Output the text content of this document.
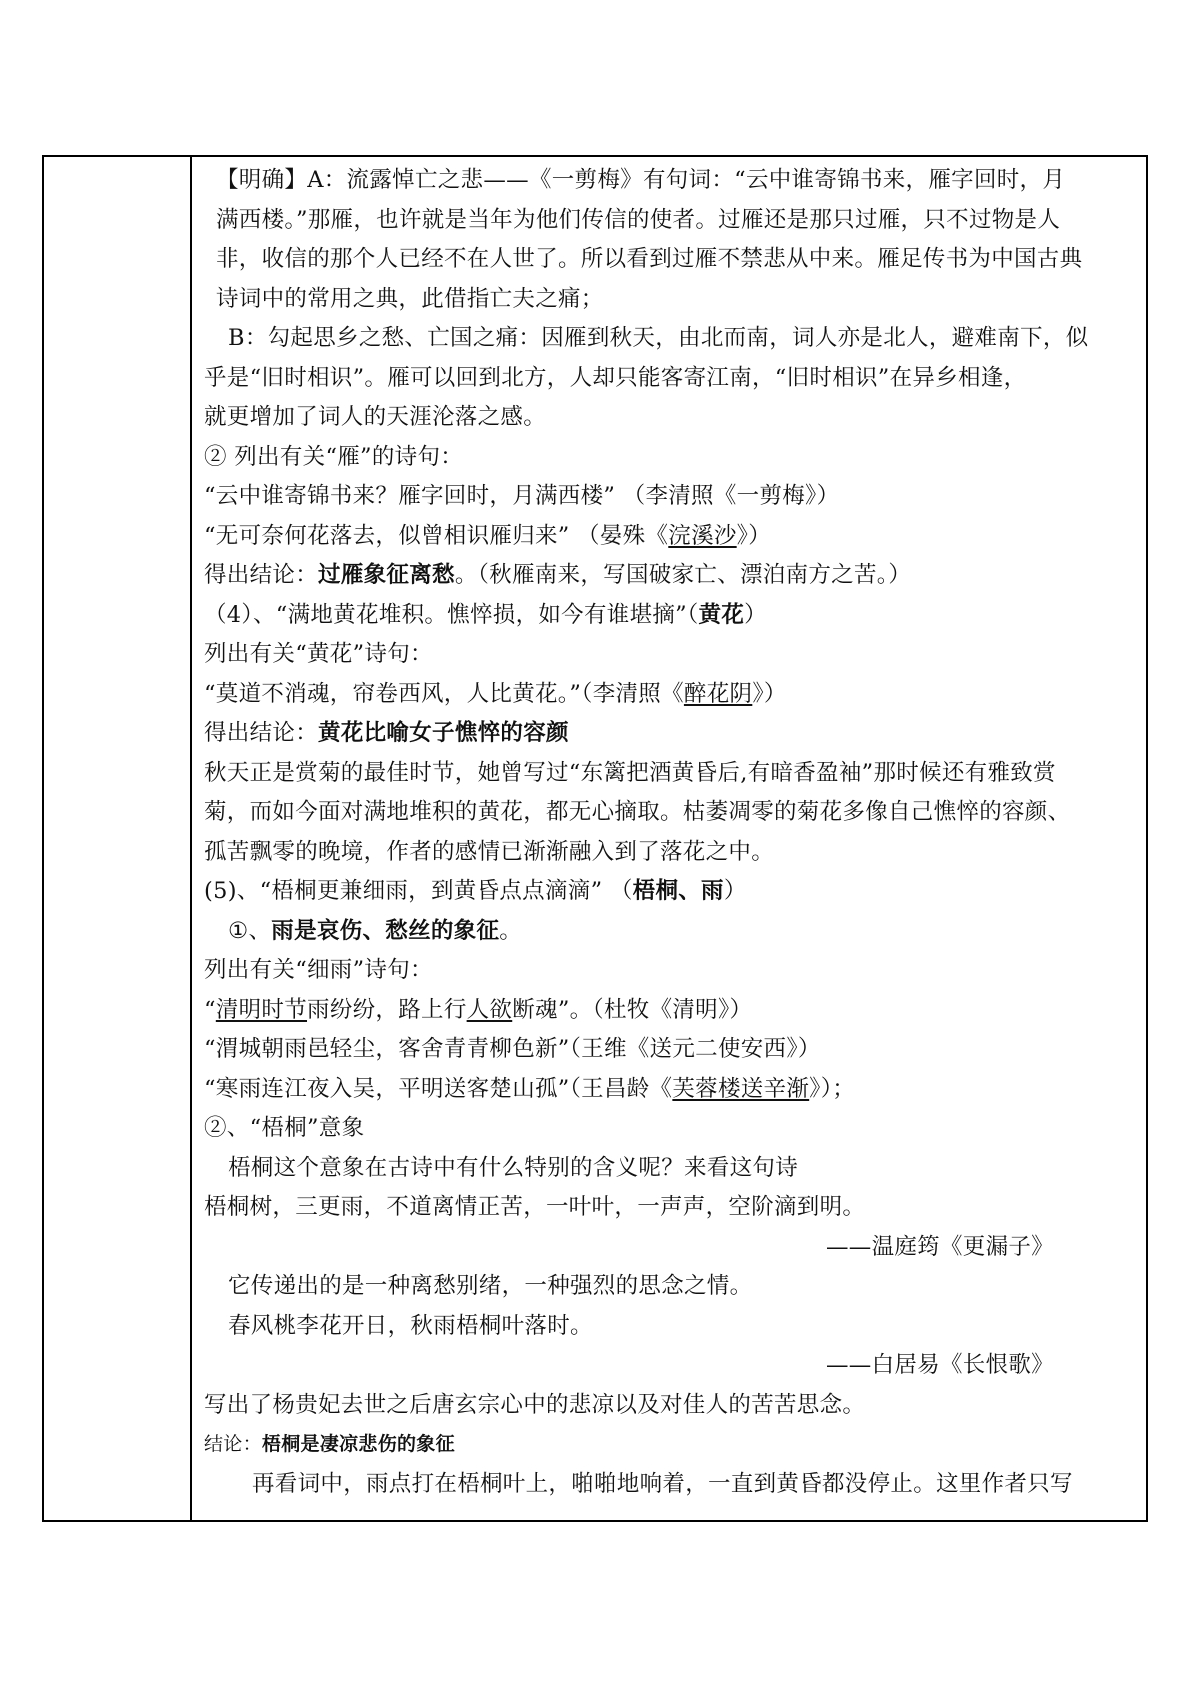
【明确】A：流露悼亡之悲——《一剪梅》有句词：“云中谁寄锦书来，雁字回时，月
满西楼。”那雁，也许就是当年为他们传信的使者。过雁还是那只过雁，只不过物是人
非，收信的那个人已经不在人世了。所以看到过雁不禁悲从中来。雁足传书为中国古典
诗词中的常用之典，此借指亡夫之痛；
B：勾起思乡之愁、亡国之痛：因雁到秋天，由北而南，词人亦是北人，避难南下，似
乎是“旧时相识”。雁可以回到北方，人却只能客寄江南，“旧时相识”在异乡相逢，
就更增加了词人的天涯沦落之感。
② 列出有关“雁”的诗句：
“云中谁寄锦书来？雁字回时，月满西楼” （李清照《一剪梅》）
“无可奈何花落去，似曾相识雁归来” （晏殊《浣溪沙》）
得出结论：过雁象征离愁。（秋雁南来，写国破家亡、漂泊南方之苦。）
（4）、“满地黄花堆积。憔悴损，如今有谁堪摘”（黄花）
列出有关“黄花”诗句：
“莫道不消魂，帘卷西风，人比黄花。”（李清照《醉花阴》）
得出结论：黄花比喻女子憔悴的容颜
秋天正是赏菊的最佳时节，她曾写过“东篱把酒黄昏后,有暗香盈袖”那时候还有雅致赏
菊，而如今面对满地堆积的黄花，都无心摘取。枯萎凋零的菊花多像自己憔悴的容颜、
孤苦飘零的晚境，作者的感情已渐渐融入到了落花之中。
(5)、“梧桐更兼细雨，到黄昏点点滴滴” （梧桐、雨）
①、雨是哀伤、愁丝的象征。
列出有关“细雨”诗句：
“清明时节雨纷纷，路上行人欲断魂”。（杜牧《清明》）
“渭城朝雨邑轻尘，客舍青青柳色新”（王维《送元二使安西》）
“寒雨连江夜入吴，平明送客楚山孤”（王昌龄《芙蓉楼送辛渐》）；
②、“梧桐”意象
梧桐这个意象在古诗中有什么特别的含义呢？来看这句诗
梧桐树，三更雨，不道离情正苦，一叶叶，一声声，空阶滴到明。
——温庭筠《更漏子》
它传递出的是一种离愁别绪，一种强烈的思念之情。
春风桃李花开日，秋雨梧桐叶落时。
——白居易《长恨歌》
写出了杨贵妃去世之后唐玄宗心中的悲凉以及对佳人的苦苦思念。
结论：梧桐是凄凉悲伤的象征
再看词中，雨点打在梧桐叶上，啪啪地响着，一直到黄昏都没停止。这里作者只写
